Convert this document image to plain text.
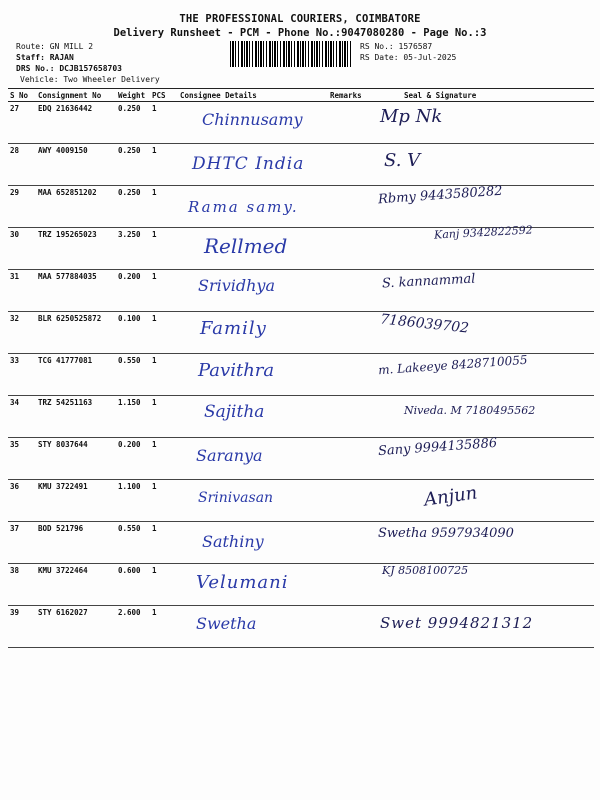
THE PROFESSIONAL COURIERS, COIMBATORE
Delivery Runsheet - PCM - Phone No.:9047080280 - Page No.:3
Route: GN MILL 2
Staff: RAJAN
DRS No.: DCJB157658703
Vehicle: Two Wheeler Delivery
RS No.: 1576587
RS Date: 05-Jul-2025
S No	Consignment No	Weight	PCS	Consignee Details	Remarks	Seal & Signature
27	EDQ 21636442	0.250	1	Chinnusamy		Mp Nk

28	AWY 4009150	0.250	1	DHTC India		S. V

29	MAA 652851202	0.250	1	Rama samy.		Rbmy 9443580282

30	TRZ 195265023	3.250	1	Rellmed		Kanj 9342822592

31	MAA 577884035	0.200	1	Srividhya		S. kannammal

32	BLR 6250525872	0.100	1	Family		7186039702

33	TCG 41777081	0.550	1	Pavithra		m. Lakeeye 8428710055

34	TRZ 54251163	1.150	1	Sajitha		Niveda. M 7180495562

35	STY 8037644	0.200	1	Saranya		Sany 9994135886

36	KMU 3722491	1.100	1	Srinivasan		Anjun

37	BOD 521796	0.550	1	Sathiny		Swetha 9597934090

38	KMU 3722464	0.600	1	Velumani		KJ 8508100725

39	STY 6162027	2.600	1	Swetha		Swet 9994821312
